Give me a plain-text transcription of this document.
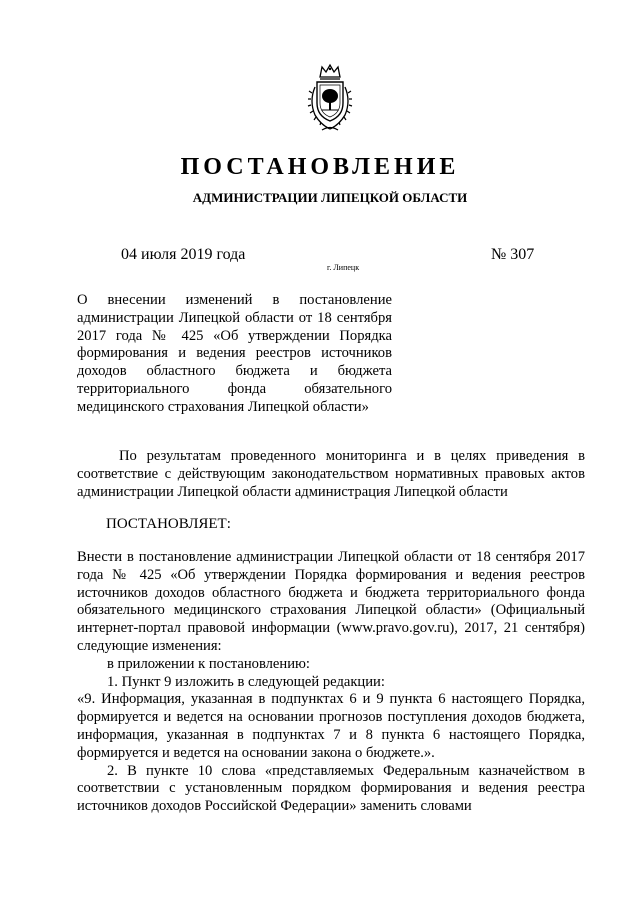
ПОСТАНОВЛЕНИЕ
АДМИНИСТРАЦИИ ЛИПЕЦКОЙ ОБЛАСТИ
04 июля 2019 года
г. Липецк
№ 307

О внесении изменений в постановление администрации Липецкой области от 18 сентября 2017 года № 425 «Об утверждении Порядка формирования и ведения реестров источников доходов областного бюджета и бюджета территориального фонда обязательного медицинского страхования Липецкой области»

По результатам проведенного мониторинга и в целях приведения в соответствие с действующим законодательством нормативных правовых актов администрации Липецкой области администрация Липецкой области

ПОСТАНОВЛЯЕТ:

Внести в постановление администрации Липецкой области от 18 сентября 2017 года № 425 «Об утверждении Порядка формирования и ведения реестров источников доходов областного бюджета и бюджета территориального фонда обязательного медицинского страхования Липецкой области» (Официальный интернет-портал правовой информации (www.pravo.gov.ru), 2017, 21 сентября) следующие изменения:

в приложении к постановлению:

1. Пункт 9 изложить в следующей редакции:

«9. Информация, указанная в подпунктах 6 и 9 пункта 6 настоящего Порядка, формируется и ведется на основании прогнозов поступления доходов бюджета, информация, указанная в подпунктах 7 и 8 пункта 6 настоящего Порядка, формируется и ведется на основании закона о бюджете.».

2. В пункте 10 слова «представляемых Федеральным казначейством в соответствии с установленным порядком формирования и ведения реестра источников доходов Российской Федерации» заменить словами
